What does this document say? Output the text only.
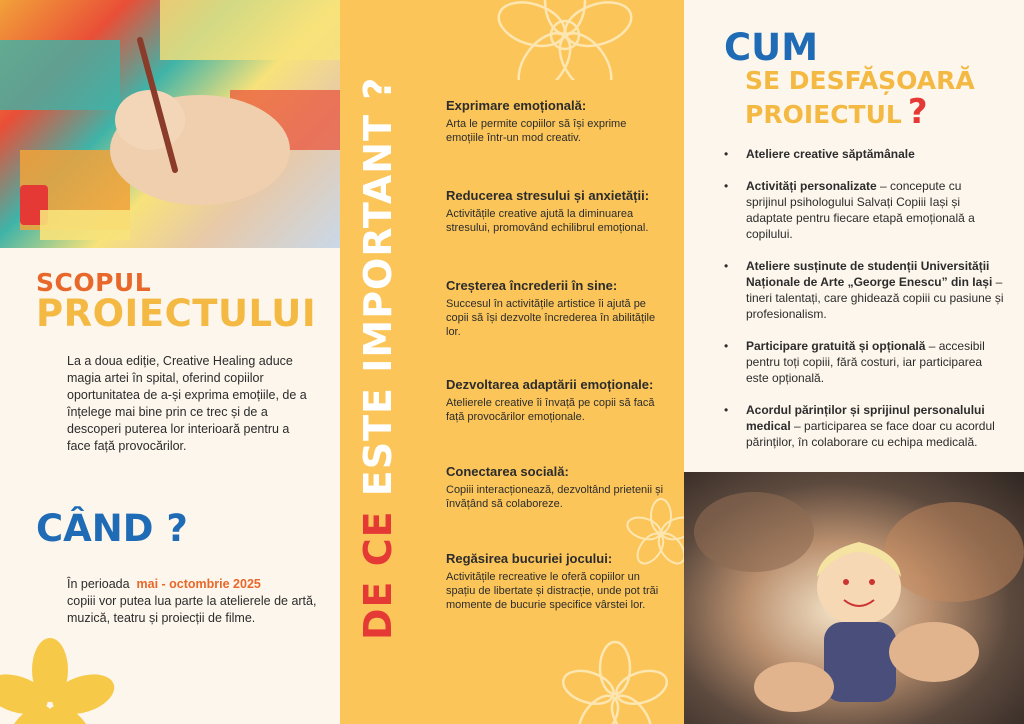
SCOPUL
PROIECTULUI
La a doua ediție, Creative Healing aduce magia artei în spital, oferind copiilor oportunitatea de a-și exprima emoțiile, de a înțelege mai bine prin ce trec și de a descoperi puterea lor interioară pentru a face față provocărilor.
CÂND ?
În perioada mai - octombrie 2025
copiii vor putea lua parte la atelierele de artă, muzică, teatru și proiecții de filme.	DE CE ESTE IMPORTANT ?	Exprimare emoțională:
Arta le permite copiilor să își exprime emoțiile într-un mod creativ.
Reducerea stresului și anxietății:
Activitățile creative ajută la diminuarea stresului, promovând echilibrul emoțional.
Creșterea încrederii în sine:
Succesul în activitățile artistice îi ajută pe copii să își dezvolte încrederea în abilitățile lor.
Dezvoltarea adaptării emoționale:
Atelierele creative îi învață pe copii să facă față provocărilor emoționale.
Conectarea socială:
Copiii interacționează, dezvoltând prietenii și învățând să colaboreze.
Regăsirea bucuriei jocului:
Activitățile recreative le oferă copiilor un spațiu de libertate și distracție, unde pot trăi momente de bucurie specifice vârstei lor.
CUM
SE DESFĂȘOARĂ
PROIECTUL ?
• Ateliere creative săptămânale
• Activități personalizate – concepute cu sprijinul psihologului Salvați Copiii Iași și adaptate pentru fiecare etapă emoțională a copilului.
• Ateliere susținute de studenții Universității Naționale de Arte „George Enescu” din Iași – tineri talentați, care ghidează copiii cu pasiune și profesionalism.
• Participare gratuită și opțională – accesibil pentru toți copiii, fără costuri, iar participarea este opțională.
• Acordul părinților și sprijinul personalului medical – participarea se face doar cu acordul părinților, în colaborare cu echipa medicală.
